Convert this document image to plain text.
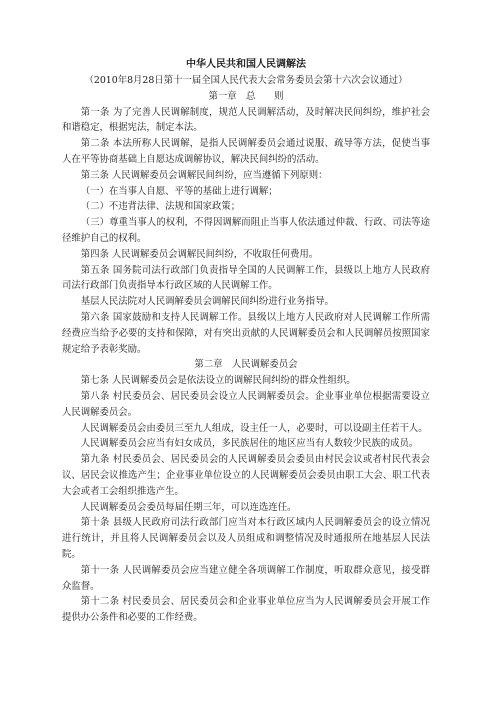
中华人民共和国人民调解法
（2010年8月28日第十一届全国人民代表大会常务委员会第十六次会议通过）

第一章　总　　则

第一条 为了完善人民调解制度，规范人民调解活动，及时解决民间纠纷，维护社会和谐稳定，根据宪法，制定本法。

第二条 本法所称人民调解，是指人民调解委员会通过说服、疏导等方法，促使当事人在平等协商基础上自愿达成调解协议，解决民间纠纷的活动。

第三条 人民调解委员会调解民间纠纷，应当遵循下列原则：

（一）在当事人自愿、平等的基础上进行调解；

（二）不违背法律、法规和国家政策；

（三）尊重当事人的权利，不得因调解而阻止当事人依法通过仲裁、行政、司法等途径维护自己的权利。

第四条 人民调解委员会调解民间纠纷，不收取任何费用。

第五条 国务院司法行政部门负责指导全国的人民调解工作，县级以上地方人民政府司法行政部门负责指导本行政区域的人民调解工作。

基层人民法院对人民调解委员会调解民间纠纷进行业务指导。

第六条 国家鼓励和支持人民调解工作。县级以上地方人民政府对人民调解工作所需经费应当给予必要的支持和保障，对有突出贡献的人民调解委员会和人民调解员按照国家规定给予表彰奖励。

第二章　人民调解委员会

第七条 人民调解委员会是依法设立的调解民间纠纷的群众性组织。

第八条 村民委员会、居民委员会设立人民调解委员会。企业事业单位根据需要设立人民调解委员会。

人民调解委员会由委员三至九人组成，设主任一人，必要时，可以设副主任若干人。

人民调解委员会应当有妇女成员，多民族居住的地区应当有人数较少民族的成员。

第九条 村民委员会、居民委员会的人民调解委员会委员由村民会议或者村民代表会议、居民会议推选产生；企业事业单位设立的人民调解委员会委员由职工大会、职工代表大会或者工会组织推选产生。

人民调解委员会委员每届任期三年，可以连选连任。

第十条 县级人民政府司法行政部门应当对本行政区域内人民调解委员会的设立情况进行统计，并且将人民调解委员会以及人员组成和调整情况及时通报所在地基层人民法院。

第十一条 人民调解委员会应当建立健全各项调解工作制度，听取群众意见，接受群众监督。

第十二条 村民委员会、居民委员会和企业事业单位应当为人民调解委员会开展工作提供办公条件和必要的工作经费。
